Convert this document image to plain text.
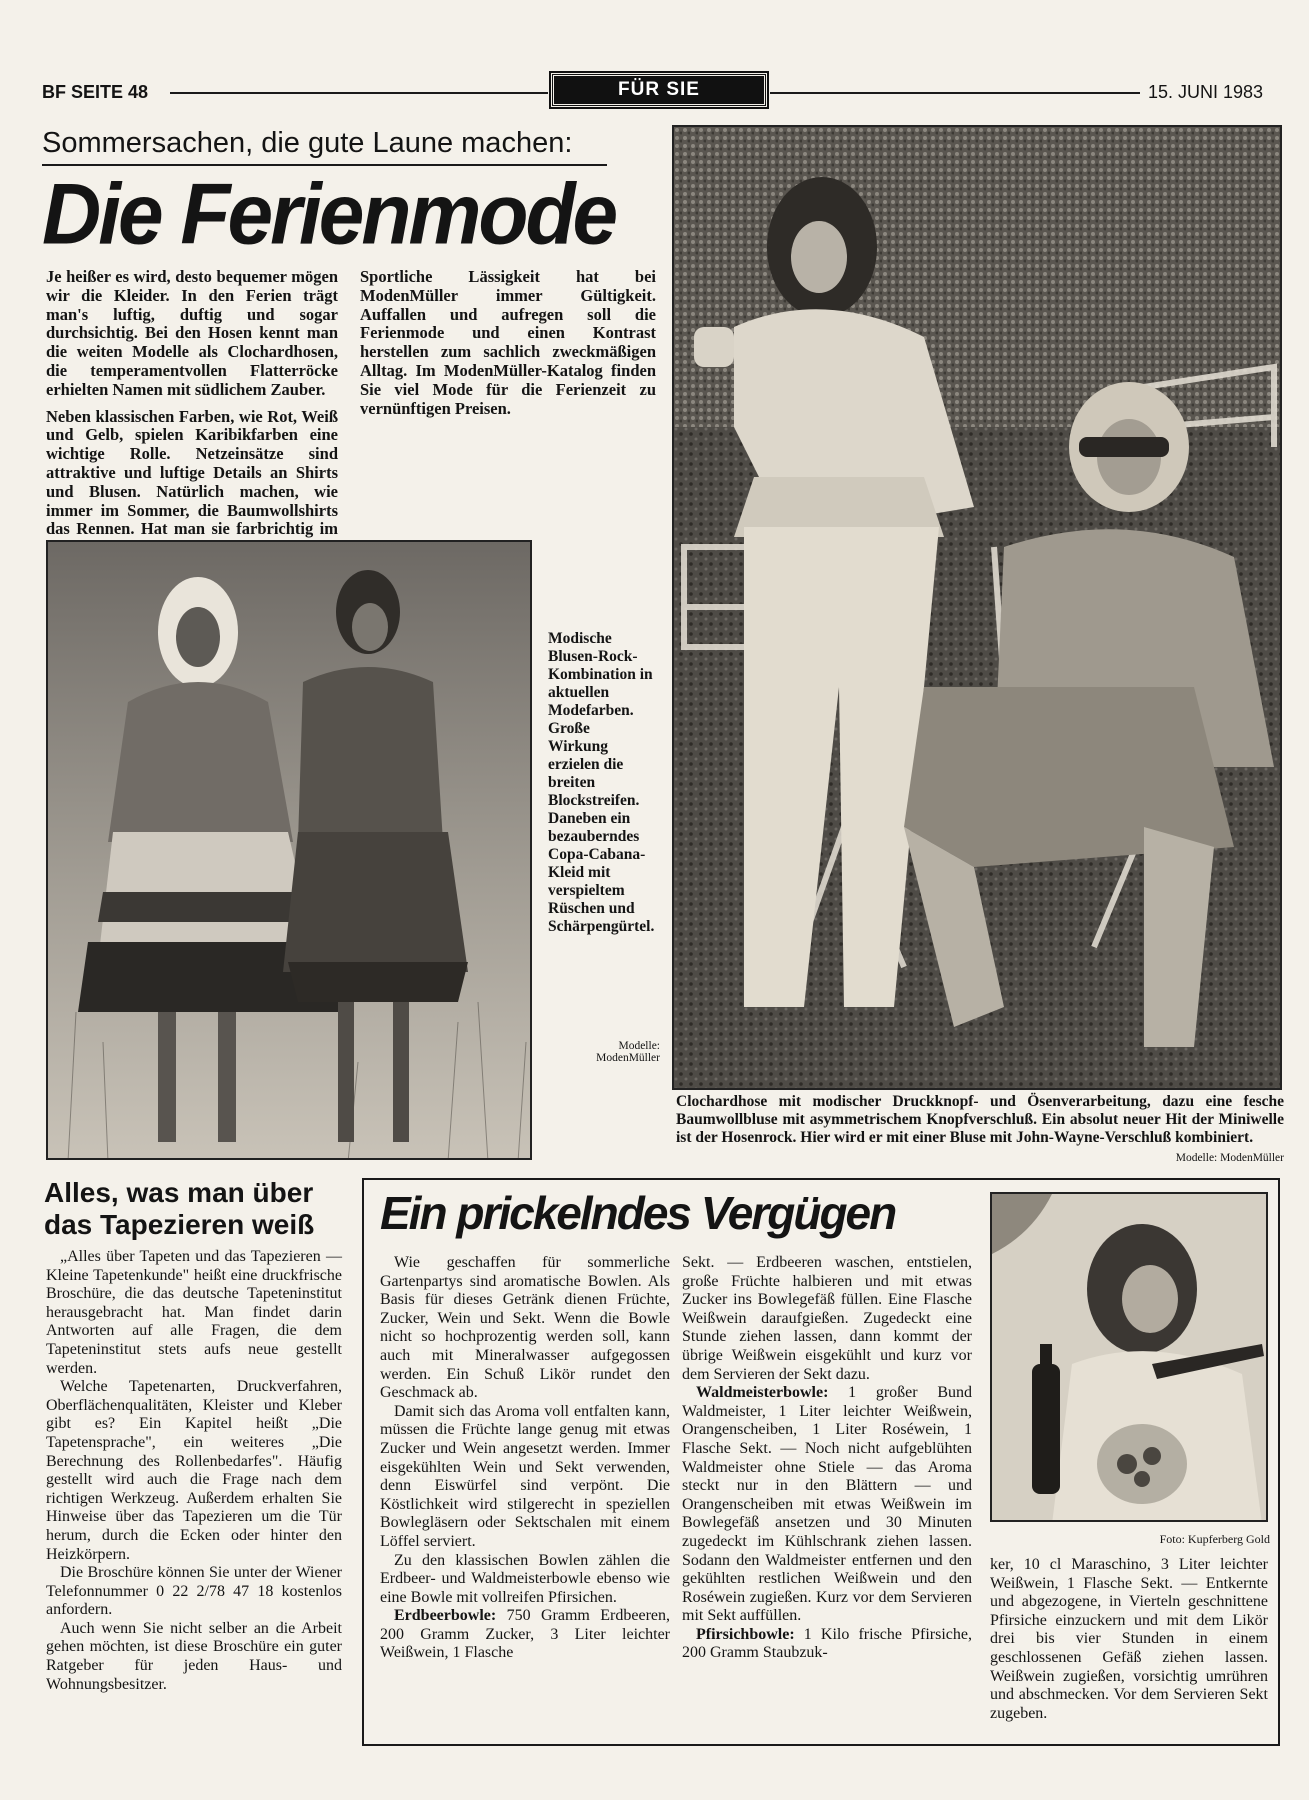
BF SEITE 48	FÜR SIE	15. JUNI 1983
Sommersachen, die gute Laune machen:
Die Ferienmode

Je heißer es wird, desto bequemer mögen wir die Kleider. In den Ferien trägt man's luftig, duftig und sogar durchsichtig. Bei den Hosen kennt man die weiten Modelle als Clochardhosen, die temperamentvollen Flatterröcke erhielten Namen mit südlichem Zauber.

Neben klassischen Farben, wie Rot, Weiß und Gelb, spielen Karibikfarben eine wichtige Rolle. Netzeinsätze sind attraktive und luftige Details an Shirts und Blusen. Natürlich machen, wie immer im Sommer, die Baumwollshirts das Rennen. Hat man sie farbrichtig im

Sportliche Lässigkeit hat bei ModenMüller immer Gültigkeit. Auffallen und aufregen soll die Ferienmode und einen Kontrast herstellen zum sachlich zweckmäßigen Alltag. Im ModenMüller-Katalog finden Sie viel Mode für die Ferienzeit zu vernünftigen Preisen.

Modische Blusen-Rock-Kombination in aktuellen Modefarben. Große Wirkung erzielen die breiten Blockstreifen. Daneben ein bezauberndes Copa-Cabana-Kleid mit verspieltem Rüschen und Schärpengürtel.
Modelle: ModenMüller
Clochardhose mit modischer Druckknopf- und Ösenverarbeitung, dazu eine fesche Baumwollbluse mit asymmetrischem Knopfverschluß. Ein absolut neuer Hit der Miniwelle ist der Hosenrock. Hier wird er mit einer Bluse mit John-Wayne-Verschluß kombiniert.
Modelle: ModenMüller
Alles, was man über das Tapezieren weiß

„Alles über Tapeten und das Tapezieren — Kleine Tapetenkunde" heißt eine druckfrische Broschüre, die das deutsche Tapeteninstitut herausgebracht hat. Man findet darin Antworten auf alle Fragen, die dem Tapeteninstitut stets aufs neue gestellt werden.

Welche Tapetenarten, Druckverfahren, Oberflächenqualitäten, Kleister und Kleber gibt es? Ein Kapitel heißt „Die Tapetensprache", ein weiteres „Die Berechnung des Rollenbedarfes". Häufig gestellt wird auch die Frage nach dem richtigen Werkzeug. Außerdem erhalten Sie Hinweise über das Tapezieren um die Tür herum, durch die Ecken oder hinter den Heizkörpern.

Die Broschüre können Sie unter der Wiener Telefonnummer 0 22 2/78 47 18 kostenlos anfordern.

Auch wenn Sie nicht selber an die Arbeit gehen möchten, ist diese Broschüre ein guter Ratgeber für jeden Haus- und Wohnungsbesitzer.

Ein prickelndes Vergügen

Wie geschaffen für sommerliche Gartenpartys sind aromatische Bowlen. Als Basis für dieses Getränk dienen Früchte, Zucker, Wein und Sekt. Wenn die Bowle nicht so hochprozentig werden soll, kann auch mit Mineralwasser aufgegossen werden. Ein Schuß Likör rundet den Geschmack ab.

Damit sich das Aroma voll entfalten kann, müssen die Früchte lange genug mit etwas Zucker und Wein angesetzt werden. Immer eisgekühlten Wein und Sekt verwenden, denn Eiswürfel sind verpönt. Die Köstlichkeit wird stilgerecht in speziellen Bowlegläsern oder Sektschalen mit einem Löffel serviert.

Zu den klassischen Bowlen zählen die Erdbeer- und Waldmeisterbowle ebenso wie eine Bowle mit vollreifen Pfirsichen.

Erdbeerbowle: 750 Gramm Erdbeeren, 200 Gramm Zucker, 3 Liter leichter Weißwein, 1 Flasche

Sekt. — Erdbeeren waschen, entstielen, große Früchte halbieren und mit etwas Zucker ins Bowlegefäß füllen. Eine Flasche Weißwein daraufgießen. Zugedeckt eine Stunde ziehen lassen, dann kommt der übrige Weißwein eisgekühlt und kurz vor dem Servieren der Sekt dazu.

Waldmeisterbowle: 1 großer Bund Waldmeister, 1 Liter leichter Weißwein, Orangenscheiben, 1 Liter Roséwein, 1 Flasche Sekt. — Noch nicht aufgeblühten Waldmeister ohne Stiele — das Aroma steckt nur in den Blättern — und Orangenscheiben mit etwas Weißwein im Bowlegefäß ansetzen und 30 Minuten zugedeckt im Kühlschrank ziehen lassen. Sodann den Waldmeister entfernen und den gekühlten restlichen Weißwein und den Roséwein zugießen. Kurz vor dem Servieren mit Sekt auffüllen.

Pfirsichbowle: 1 Kilo frische Pfirsiche, 200 Gramm Staubzuk-

Foto: Kupferberg Gold

ker, 10 cl Maraschino, 3 Liter leichter Weißwein, 1 Flasche Sekt. — Entkernte und abgezogene, in Vierteln geschnittene Pfirsiche einzuckern und mit dem Likör drei bis vier Stunden in einem geschlossenen Gefäß ziehen lassen. Weißwein zugießen, vorsichtig umrühren und abschmecken. Vor dem Servieren Sekt zugeben.
